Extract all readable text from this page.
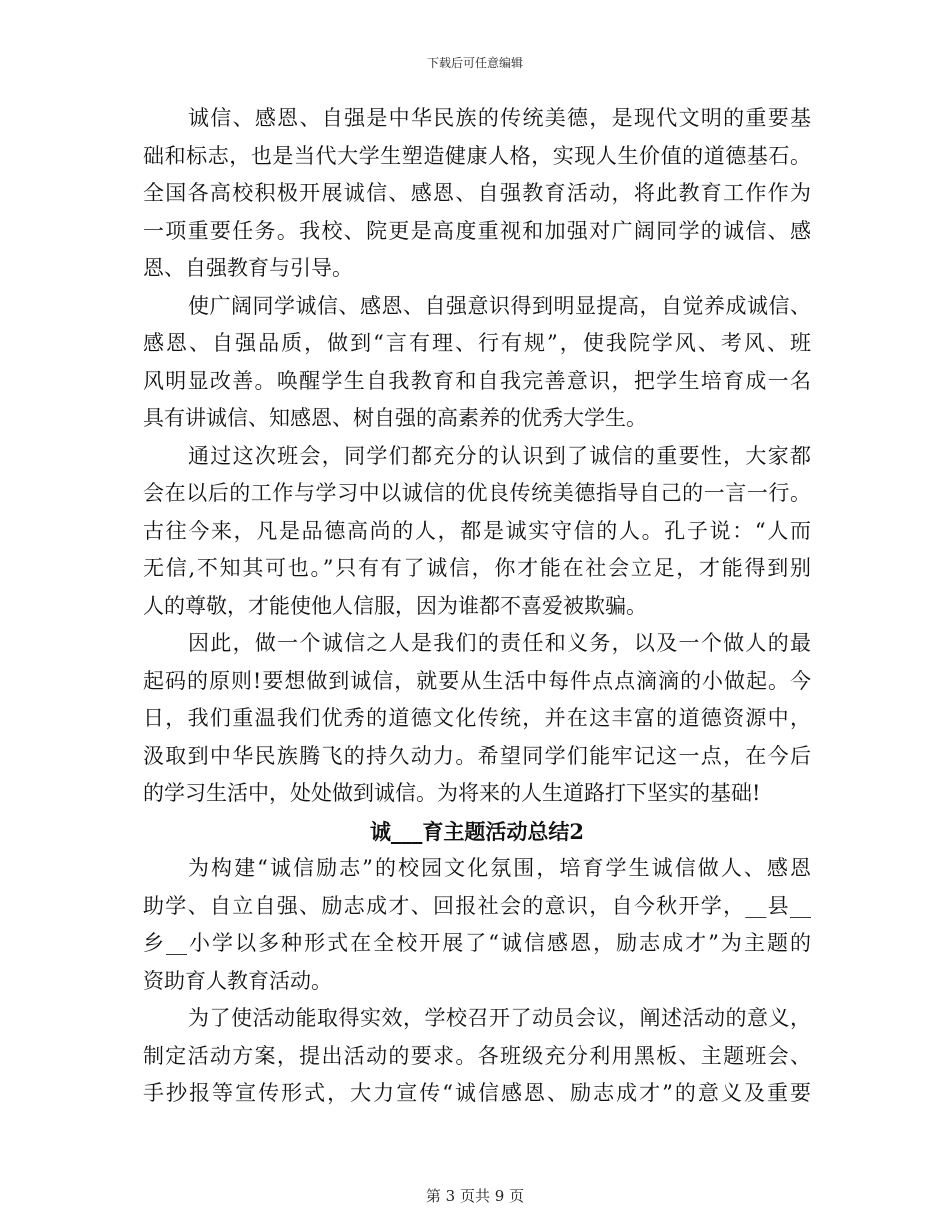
下载后可任意编辑
诚信、感恩、自强是中华民族的传统美德，是现代文明的重要基
础和标志，也是当代大学生塑造健康人格，实现人生价值的道德基石。
全国各高校积极开展诚信、感恩、自强教育活动，将此教育工作作为
一项重要任务。我校、院更是高度重视和加强对广阔同学的诚信、感
恩、自强教育与引导。
使广阔同学诚信、感恩、自强意识得到明显提高，自觉养成诚信、
感恩、自强品质，做到“言有理、行有规”，使我院学风、考风、班
风明显改善。唤醒学生自我教育和自我完善意识，把学生培育成一名
具有讲诚信、知感恩、树自强的高素养的优秀大学生。
通过这次班会，同学们都充分的认识到了诚信的重要性，大家都
会在以后的工作与学习中以诚信的优良传统美德指导自己的一言一行。
古往今来，凡是品德高尚的人，都是诚实守信的人。孔子说：“人而
无信,不知其可也。”只有有了诚信，你才能在社会立足，才能得到别
人的尊敬，才能使他人信服，因为谁都不喜爱被欺骗。
因此，做一个诚信之人是我们的责任和义务，以及一个做人的最
起码的原则!要想做到诚信，就要从生活中每件点点滴滴的小做起。今
日，我们重温我们优秀的道德文化传统，并在这丰富的道德资源中，
汲取到中华民族腾飞的持久动力。希望同学们能牢记这一点，在今后
的学习生活中，处处做到诚信。为将来的人生道路打下坚实的基础!
诚___育主题活动总结2
为构建“诚信励志”的校园文化氛围，培育学生诚信做人、感恩
助学、自立自强、励志成才、回报社会的意识，自今秋开学，__县__
乡__小学以多种形式在全校开展了“诚信感恩，励志成才”为主题的
资助育人教育活动。
为了使活动能取得实效，学校召开了动员会议，阐述活动的意义，
制定活动方案，提出活动的要求。各班级充分利用黑板、主题班会、
手抄报等宣传形式，大力宣传“诚信感恩、励志成才”的意义及重要
第 3 页共 9 页
